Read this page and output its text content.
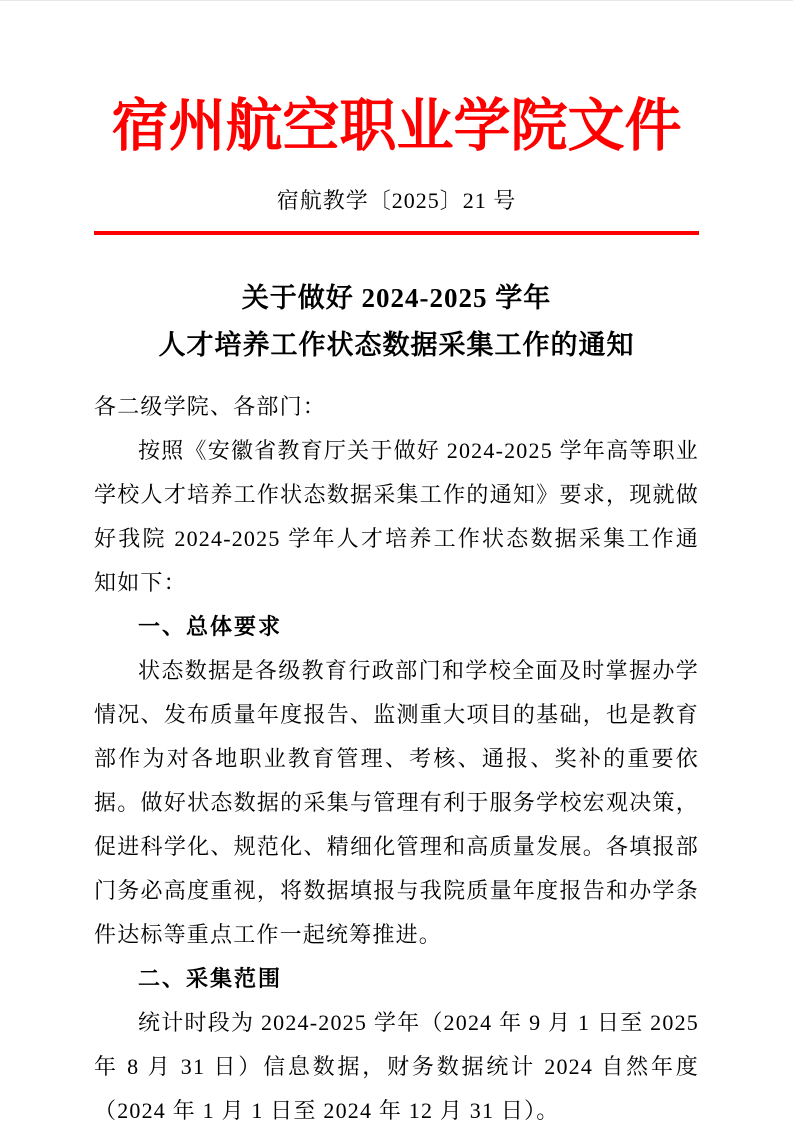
宿州航空职业学院文件
宿航教学〔2025〕21 号
关于做好 2024-2025 学年
人才培养工作状态数据采集工作的通知

各二级学院、各部门：

按照《安徽省教育厅关于做好 2024-2025 学年高等职业学校人才培养工作状态数据采集工作的通知》要求，现就做好我院 2024-2025 学年人才培养工作状态数据采集工作通知如下：

一、总体要求

状态数据是各级教育行政部门和学校全面及时掌握办学情况、发布质量年度报告、监测重大项目的基础，也是教育部作为对各地职业教育管理、考核、通报、奖补的重要依据。做好状态数据的采集与管理有利于服务学校宏观决策，促进科学化、规范化、精细化管理和高质量发展。各填报部门务必高度重视，将数据填报与我院质量年度报告和办学条件达标等重点工作一起统筹推进。

二、采集范围

统计时段为 2024-2025 学年（2024 年 9 月 1 日至 2025 年 8 月 31 日）信息数据，财务数据统计 2024 自然年度（2024 年 1 月 1 日至 2024 年 12 月 31 日）。
